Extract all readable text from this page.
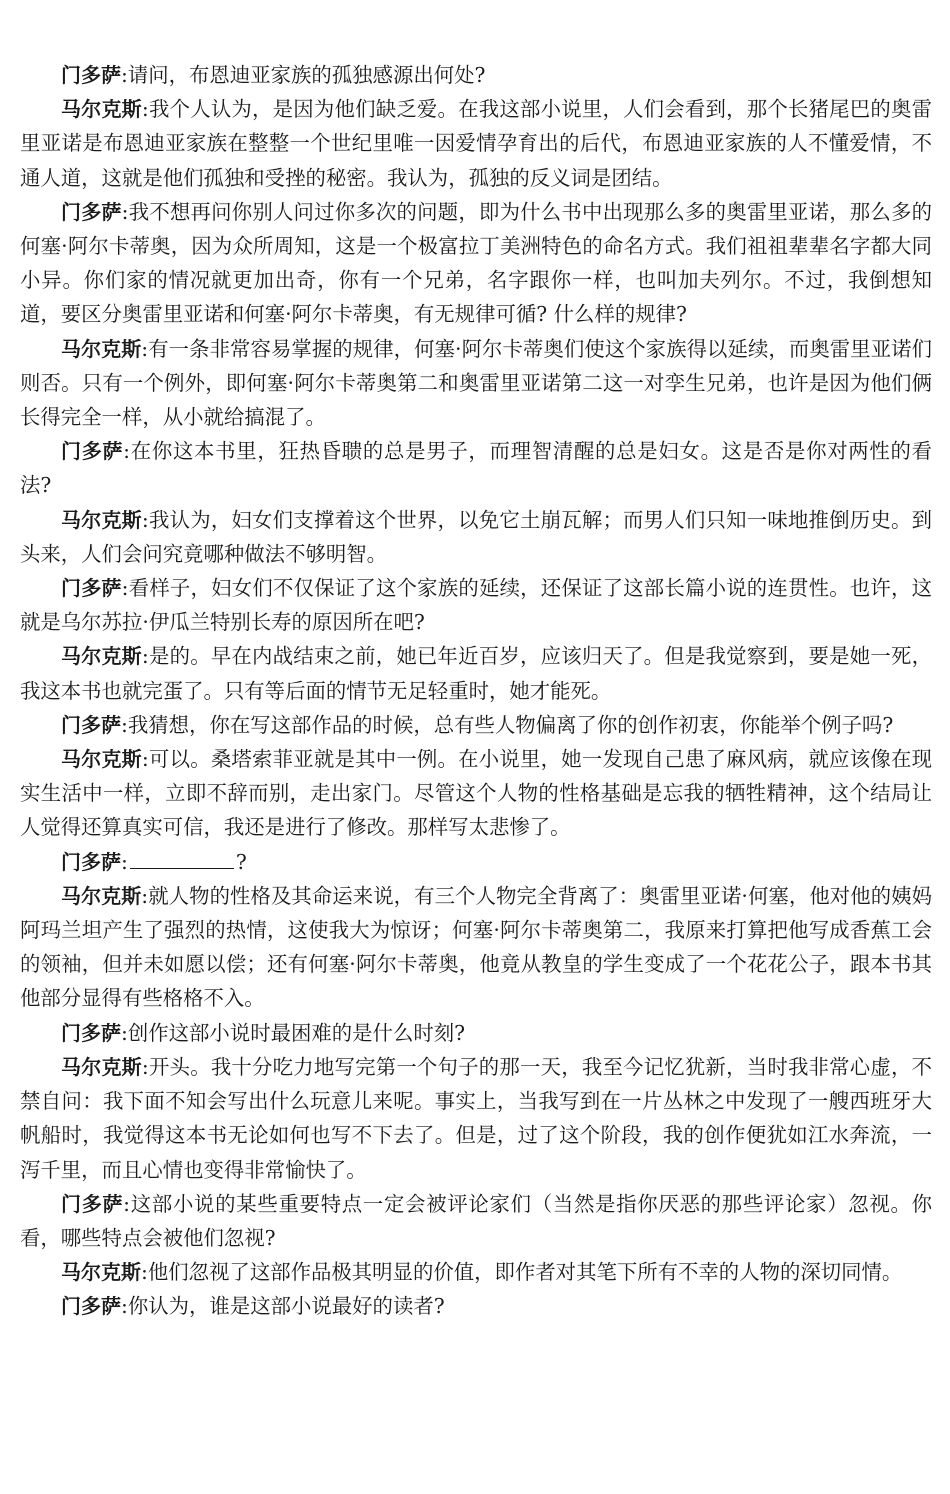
门多萨:请问，布恩迪亚家族的孤独感源出何处?

马尔克斯:我个人认为，是因为他们缺乏爱。在我这部小说里，人们会看到，那个长猪尾巴的奥雷里亚诺是布恩迪亚家族在整整一个世纪里唯一因爱情孕育出的后代，布恩迪亚家族的人不懂爱情，不通人道，这就是他们孤独和受挫的秘密。我认为，孤独的反义词是团结。

门多萨:我不想再问你别人问过你多次的问题，即为什么书中出现那么多的奥雷里亚诺，那么多的何塞·阿尔卡蒂奥，因为众所周知，这是一个极富拉丁美洲特色的命名方式。我们祖祖辈辈名字都大同小异。你们家的情况就更加出奇，你有一个兄弟，名字跟你一样，也叫加夫列尔。不过，我倒想知道，要区分奥雷里亚诺和何塞·阿尔卡蒂奥，有无规律可循? 什么样的规律?

马尔克斯:有一条非常容易掌握的规律，何塞·阿尔卡蒂奥们使这个家族得以延续，而奥雷里亚诺们则否。只有一个例外，即何塞·阿尔卡蒂奥第二和奥雷里亚诺第二这一对孪生兄弟，也许是因为他们俩长得完全一样，从小就给搞混了。

门多萨:在你这本书里，狂热昏聩的总是男子，而理智清醒的总是妇女。这是否是你对两性的看法?

马尔克斯:我认为，妇女们支撑着这个世界，以免它土崩瓦解；而男人们只知一味地推倒历史。到头来，人们会问究竟哪种做法不够明智。

门多萨:看样子，妇女们不仅保证了这个家族的延续，还保证了这部长篇小说的连贯性。也许，这就是乌尔苏拉·伊瓜兰特别长寿的原因所在吧?

马尔克斯:是的。早在内战结束之前，她已年近百岁，应该归天了。但是我觉察到，要是她一死，我这本书也就完蛋了。只有等后面的情节无足轻重时，她才能死。

门多萨:我猜想，你在写这部作品的时候，总有些人物偏离了你的创作初衷，你能举个例子吗?

马尔克斯:可以。桑塔索菲亚就是其中一例。在小说里，她一发现自己患了麻风病，就应该像在现实生活中一样，立即不辞而别，走出家门。尽管这个人物的性格基础是忘我的牺牲精神，这个结局让人觉得还算真实可信，我还是进行了修改。那样写太悲惨了。

门多萨:	?

马尔克斯:就人物的性格及其命运来说，有三个人物完全背离了：奥雷里亚诺·何塞，他对他的姨妈阿玛兰坦产生了强烈的热情，这使我大为惊讶；何塞·阿尔卡蒂奥第二，我原来打算把他写成香蕉工会的领袖，但并未如愿以偿；还有何塞·阿尔卡蒂奥，他竟从教皇的学生变成了一个花花公子，跟本书其他部分显得有些格格不入。

门多萨:创作这部小说时最困难的是什么时刻?

马尔克斯:开头。我十分吃力地写完第一个句子的那一天，我至今记忆犹新，当时我非常心虚，不禁自问：我下面不知会写出什么玩意儿来呢。事实上，当我写到在一片丛林之中发现了一艘西班牙大帆船时，我觉得这本书无论如何也写不下去了。但是，过了这个阶段，我的创作便犹如江水奔流，一泻千里，而且心情也变得非常愉快了。

门多萨:这部小说的某些重要特点一定会被评论家们（当然是指你厌恶的那些评论家）忽视。你看，哪些特点会被他们忽视?

马尔克斯:他们忽视了这部作品极其明显的价值，即作者对其笔下所有不幸的人物的深切同情。

门多萨:你认为，谁是这部小说最好的读者?
